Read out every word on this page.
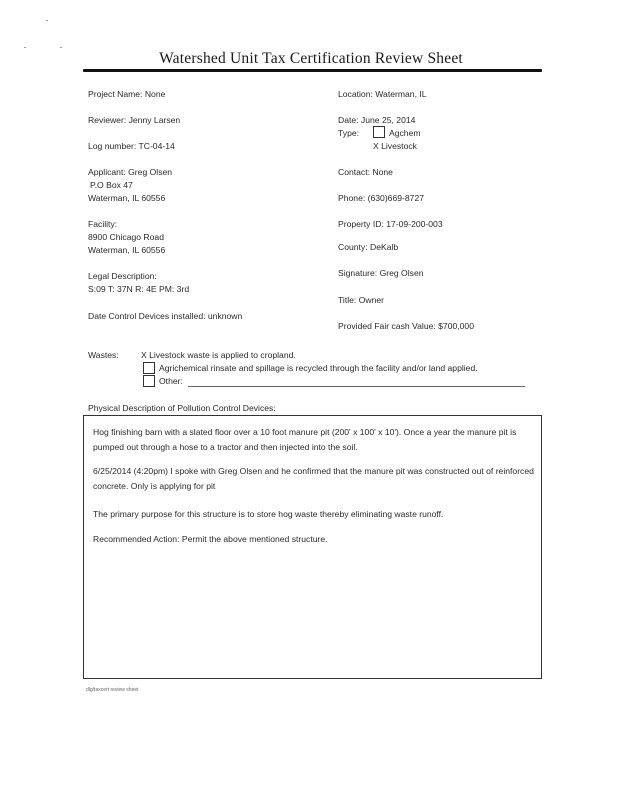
Watershed Unit Tax Certification Review Sheet
Project Name: None
Reviewer: Jenny Larsen
Log number: TC-04-14
Applicant: Greg Olsen
P.O Box 47
Waterman, IL 60556
Facility:
8900 Chicago Road
Waterman, IL 60556
Legal Description:
S:09 T: 37N R: 4E PM: 3rd
Date Control Devices installed: unknown
Location: Waterman, IL
Date: June 25, 2014
Type:	Agchem
X Livestock
Contact: None
Phone: (630)669-8727
Property ID: 17-09-200-003
County: DeKalb
Signature: Greg Olsen
Title: Owner
Provided Fair cash Value: $700,000
Wastes:	X Livestock waste is applied to cropland.
Agrichemical rinsate and spillage is recycled through the facility and/or land applied.
Other:
Physical Description of Pollution Control Devices:
Hog finishing barn with a slated floor over a 10 foot manure pit (200' x 100' x 10'). Once a year the manure pit is pumped out through a hose to a tractor and then injected into the soil.
6/25/2014 (4:20pm) I spoke with Greg Olsen and he confirmed that the manure pit was constructed out of reinforced concrete. Only is applying for pit
The primary purpose for this structure is to store hog waste thereby eliminating waste runoff.
Recommended Action: Permit the above mentioned structure.
dlg/taxcert review sheet
